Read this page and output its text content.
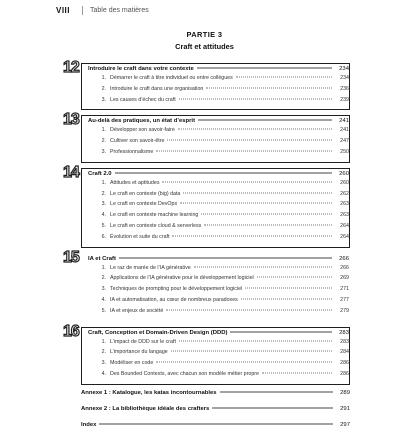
VIII	Table des matières
PARTIE 3
Craft et attitudes
12 Introduire le craft dans votre contexte	234
1. Démarrer le craft à titre individuel ou entre collègues	234
2. Introduire le craft dans une organisation	236
3. Les causes d’échec du craft	239
13 Au-delà des pratiques, un état d’esprit	241
1. Développer son savoir-faire	241
2. Cultiver son savoir-être	247
3. Professionnalisme	250
14 Craft 2.0	260
1. Attitudes et aptitudes	260
2. Le craft en contexte (big) data	262
3. Le craft en contexte DevOps	263
4. Le craft en contexte machine learning	263
5. Le craft en contexte cloud & serverless	264
6. Évolution et suite du craft	264
15 IA et Craft	266
1. Le raz de marée de l’IA générative	266
2. Applications de l’IA générative pour le développement logiciel	269
3. Techniques de prompting pour le développement logiciel	271
4. IA et automatisation, au cœur de nombreux paradoxes	277
5. IA et enjeux de société	279
16 Craft, Conception et Domain-Driven Design (DDD)	283
1. L’impact de DDD sur le craft	283
2. L’importance du langage	284
3. Modéliser en code	286
4. Des Bounded Contexts, avec chacun son modèle métier propre	286
Annexe 1 : Katalogue, les katas incontournables	289
Annexe 2 : La bibliothèque idéale des crafters	291
Index	297
